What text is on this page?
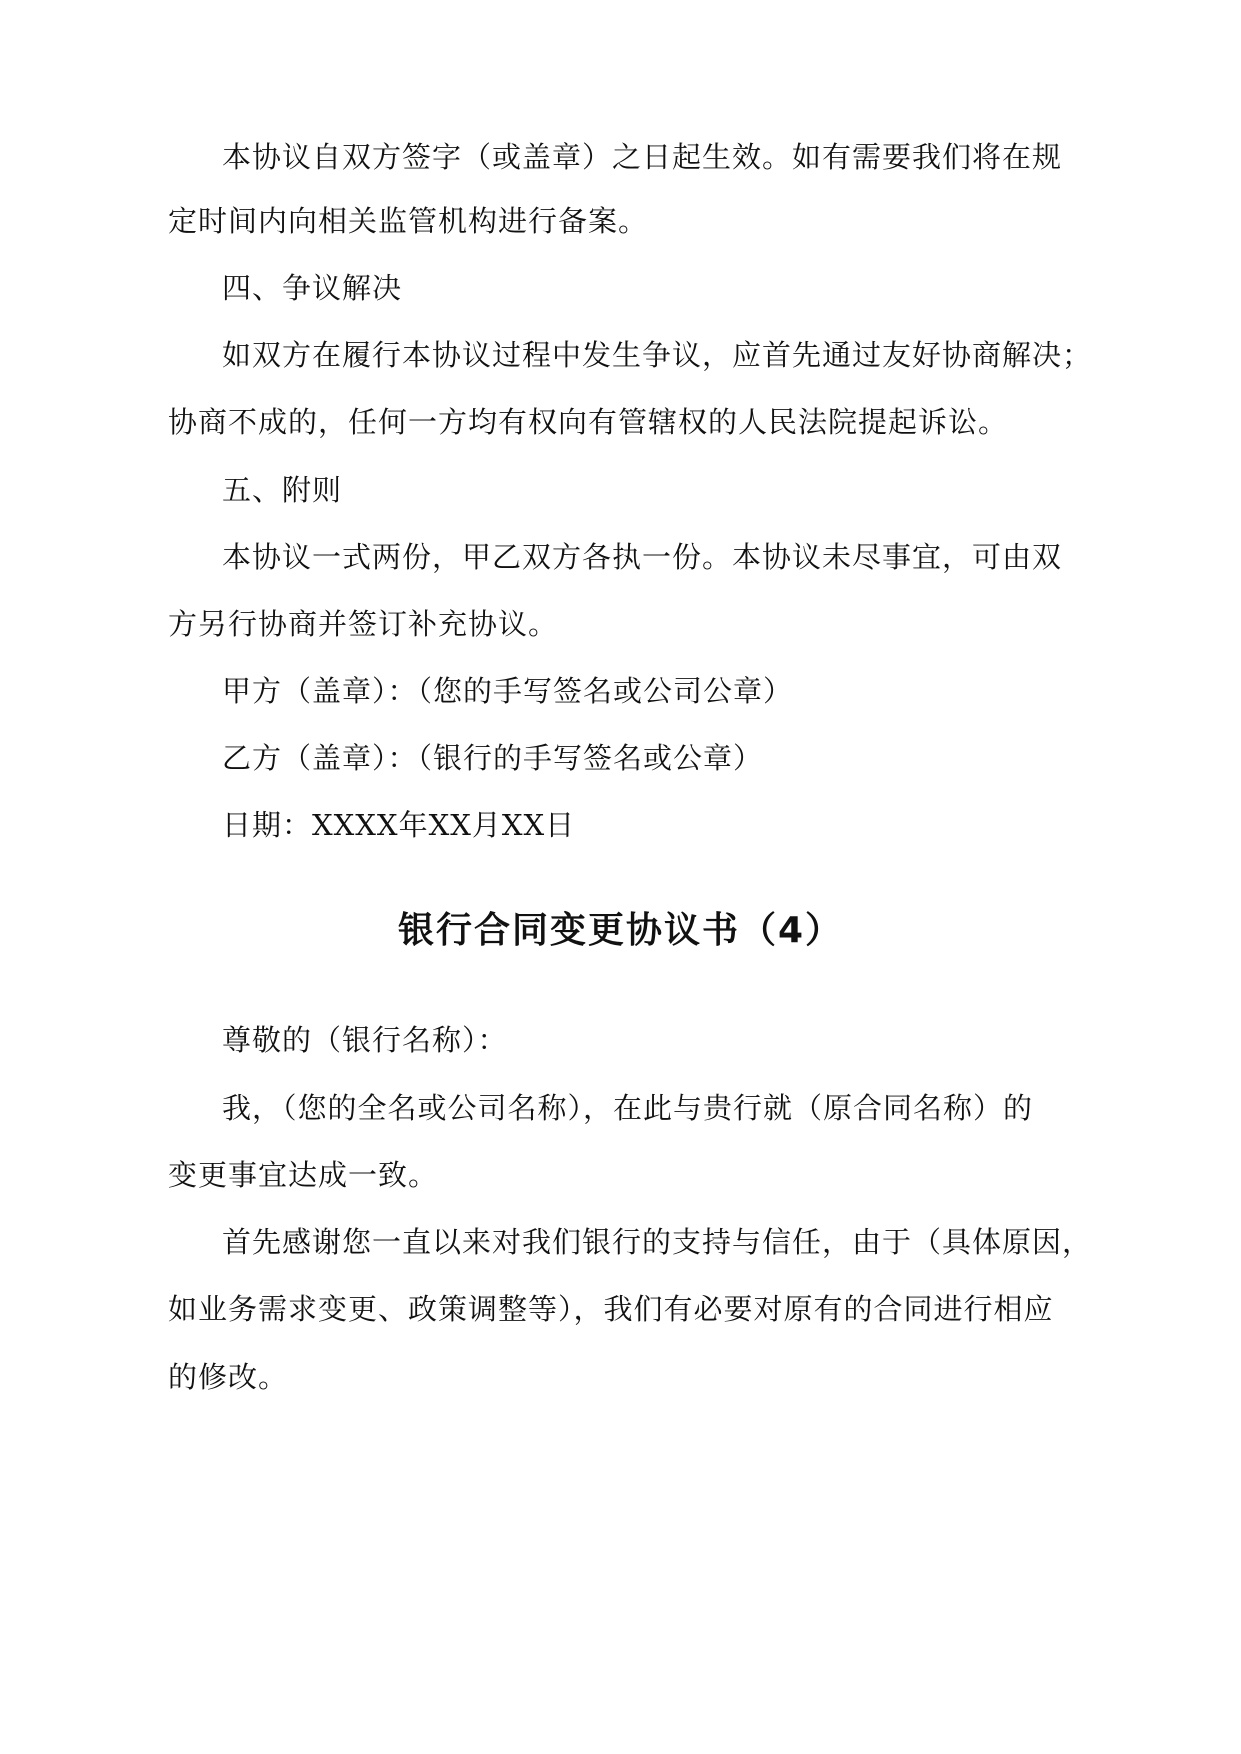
本协议自双方签字（或盖章）之日起生效。如有需要我们将在规
定时间内向相关监管机构进行备案。
四、争议解决
如双方在履行本协议过程中发生争议，应首先通过友好协商解决；
协商不成的，任何一方均有权向有管辖权的人民法院提起诉讼。
五、附则
本协议一式两份，甲乙双方各执一份。本协议未尽事宜，可由双
方另行协商并签订补充协议。
甲方（盖章）：（您的手写签名或公司公章）
乙方（盖章）：（银行的手写签名或公章）
日期：XXXX年XX月XX日
银行合同变更协议书（4）
尊敬的（银行名称）：
我，（您的全名或公司名称），在此与贵行就（原合同名称）的
变更事宜达成一致。
首先感谢您一直以来对我们银行的支持与信任，由于（具体原因，
如业务需求变更、政策调整等），我们有必要对原有的合同进行相应
的修改。
